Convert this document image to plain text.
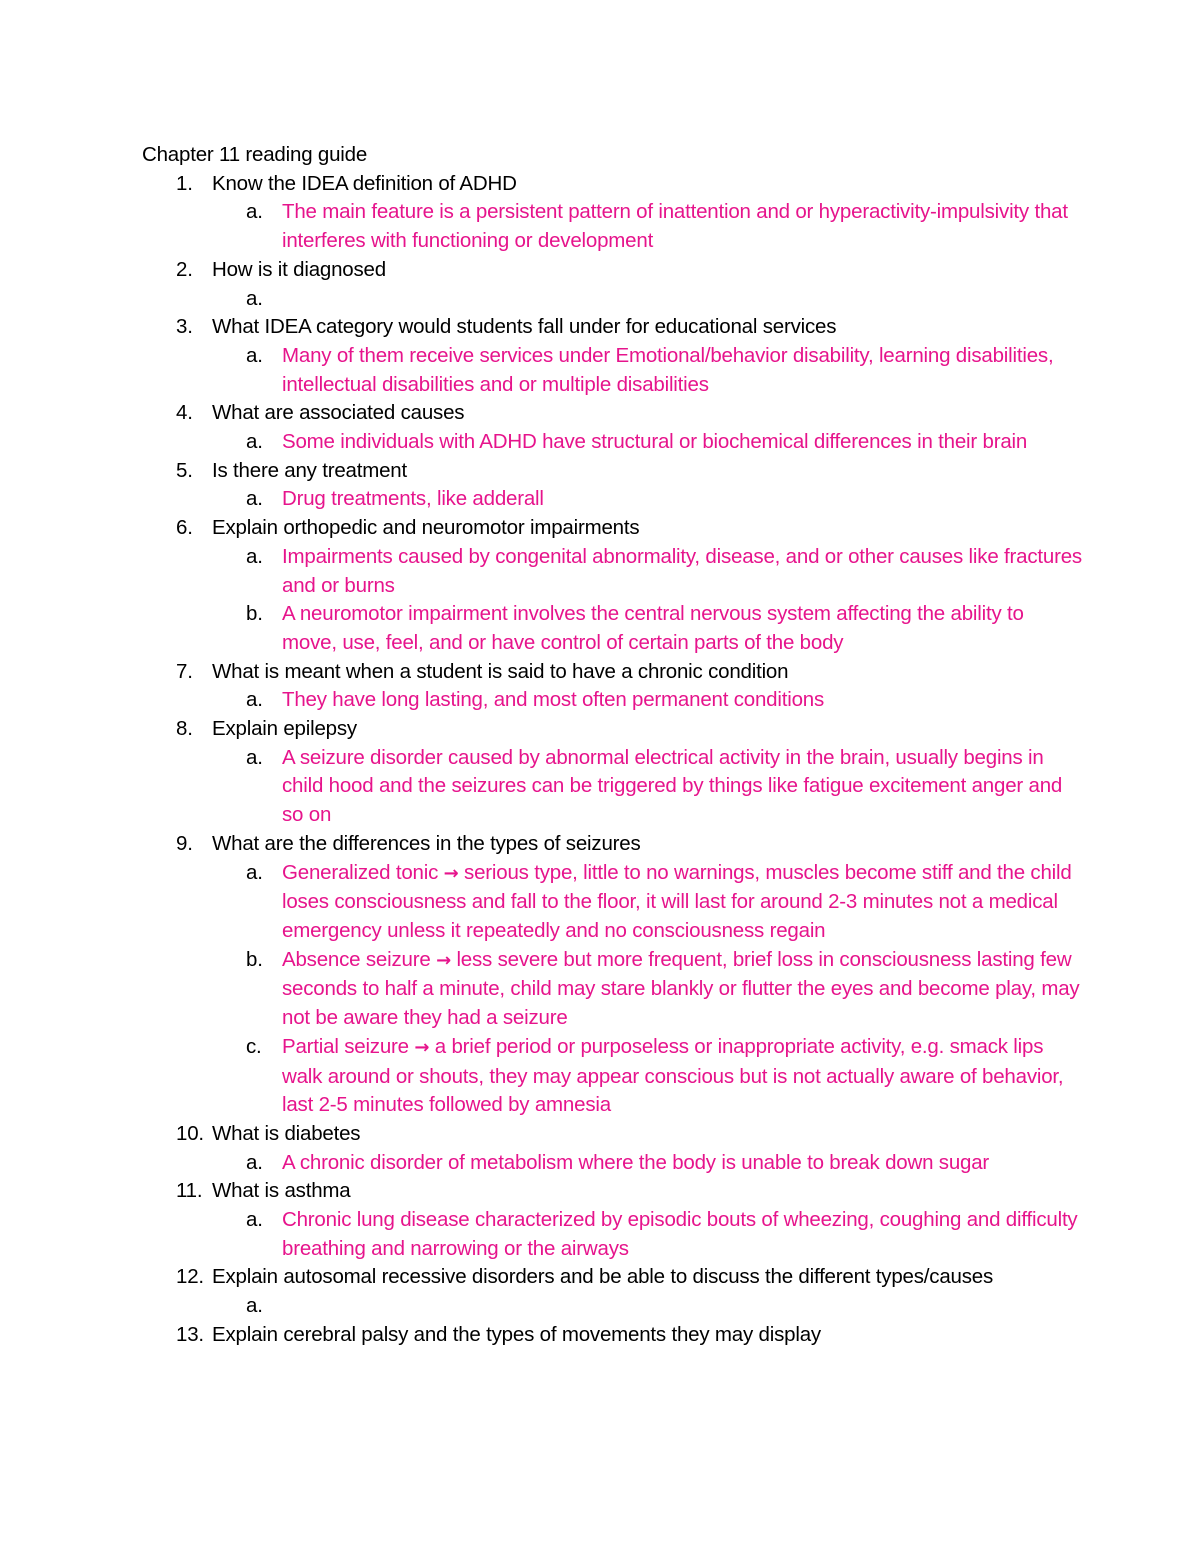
Chapter 11 reading guide
1. Know the IDEA definition of ADHD
a. The main feature is a persistent pattern of inattention and or hyperactivity-impulsivity that interferes with functioning or development
2. How is it diagnosed
a.

3. What IDEA category would students fall under for educational services
a. Many of them receive services under Emotional/behavior disability, learning disabilities, intellectual disabilities and or multiple disabilities
4. What are associated causes
a. Some individuals with ADHD have structural or biochemical differences in their brain
5. Is there any treatment
a. Drug treatments, like adderall
6. Explain orthopedic and neuromotor impairments
a. Impairments caused by congenital abnormality, disease, and or other causes like fractures and or burns
b. A neuromotor impairment involves the central nervous system affecting the ability to move, use, feel, and or have control of certain parts of the body
7. What is meant when a student is said to have a chronic condition
a. They have long lasting, and most often permanent conditions
8. Explain epilepsy
a. A seizure disorder caused by abnormal electrical activity in the brain, usually begins in child hood and the seizures can be triggered by things like fatigue excitement anger and so on
9. What are the differences in the types of seizures
a. Generalized tonic → serious type, little to no warnings, muscles become stiff and the child loses consciousness and fall to the floor, it will last for around 2-3 minutes not a medical emergency unless it repeatedly and no consciousness regain
b. Absence seizure → less severe but more frequent, brief loss in consciousness lasting few seconds to half a minute, child may stare blankly or flutter the eyes and become play, may not be aware they had a seizure
c. Partial seizure → a brief period or purposeless or inappropriate activity, e.g. smack lips walk around or shouts, they may appear conscious but is not actually aware of behavior, last 2-5 minutes followed by amnesia
10. What is diabetes
a. A chronic disorder of metabolism where the body is unable to break down sugar
11. What is asthma
a. Chronic lung disease characterized by episodic bouts of wheezing, coughing and difficulty breathing and narrowing or the airways
12. Explain autosomal recessive disorders and be able to discuss the different types/causes
a.

13. Explain cerebral palsy and the types of movements they may display
